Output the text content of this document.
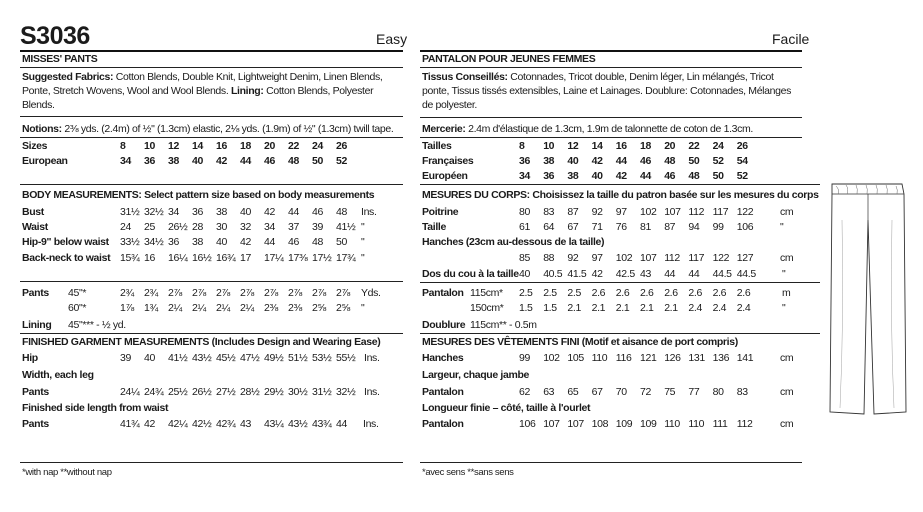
S3036	Easy	Facile
MISSES' PANTS
Suggested Fabrics: Cotton Blends, Double Knit, Lightweight Denim, Linen Blends, Ponte, Stretch Wovens, Wool and Wool Blends. Lining: Cotton Blends, Polyester Blends.
Notions: 2⅜ yds. (2.4m) of ½" (1.3cm) elastic, 2⅛ yds. (1.9m) of ½" (1.3cm) twill tape.
Sizes	8 10 12 14 16 18 20 22 24 26
European	34 36 38 40 42 44 46 48 50 52
BODY MEASUREMENTS: Select pattern size based on body measurements
Bust	31½ 32½ 34 36 38 40 42 44 46 48 Ins.
Waist	24 25 26½ 28 30 32 34 37 39 41½ "
Hip-9" below waist 33½ 34½ 36 38 40 42 44 46 48 50 "
Back-neck to waist 15¾ 16 16¼ 16½ 16¾ 17 17¼ 17⅜ 17½ 17¾ "
Pants 45"*	2¾ 2¾ 2⅞ 2⅞ 2⅞ 2⅞ 2⅞ 2⅞ 2⅞ 2⅞ Yds.
60"*	1⅞ 1¾ 2¼ 2¼ 2¼ 2¼ 2⅜ 2⅜ 2⅝ 2⅝ "
Lining 45"*** - ½ yd.
FINISHED GARMENT MEASUREMENTS (Includes Design and Wearing Ease)
Hip	39 40 41½ 43½ 45½ 47½ 49½ 51½ 53½ 55½ Ins.
Width, each leg
Pants	24¼ 24¾ 25½ 26½ 27½ 28½ 29½ 30½ 31½ 32½ Ins.
Finished side length from waist
Pants	41¾ 42 42¼ 42½ 42¾ 43 43¼ 43½ 43¾ 44 Ins.
*with nap **without nap
PANTALON POUR JEUNES FEMMES
Tissus Conseillés: Cotonnades, Tricot double, Denim léger, Lin mélangés, Tricot ponte, Tissus tissés extensibles, Laine et Lainages. Doublure: Cotonnades, Mélanges de polyester.
Mercerie: 2.4m d'élastique de 1.3cm, 1.9m de talonnette de coton de 1.3cm.
Tailles	8 10 12 14 16 18 20 22 24 26
Françaises	36 38 40 42 44 46 48 50 52 54
Européen	34 36 38 40 42 44 46 48 50 52
MESURES DU CORPS: Choisissez la taille du patron basée sur les mesures du corps
Poitrine	80 83 87 92 97 102 107 112 117 122	cm
Taille	61 64 67 71 76 81 87 94 99 106	"
Hanches (23cm au-dessous de la taille)
85 88 92 97 102 107 112 117 122 127	cm
Dos du cou à la taille 40 40.5 41.5 42 42.5 43 44 44 44.5 44.5 "
Pantalon 115cm* 2.5 2.5 2.5 2.6 2.6 2.6 2.6 2.6 2.6 2.6	m
150cm* 1.5 1.5 2.1 2.1 2.1 2.1 2.1 2.4 2.4 2.4	"
Doublure 115cm** - 0.5m
MESURES DES VÊTEMENTS FINI (Motif et aisance de port compris)
Hanches	99 102 105 110 116 121 126 131 136 141	cm
Largeur, chaque jambe
Pantalon	62 63 65 67 70 72 75 77 80 83	cm
Longueur finie – côté, taille à l'ourlet
Pantalon	106 107 107 108 109 109 110 110 111 112	cm
*avec sens **sans sens
